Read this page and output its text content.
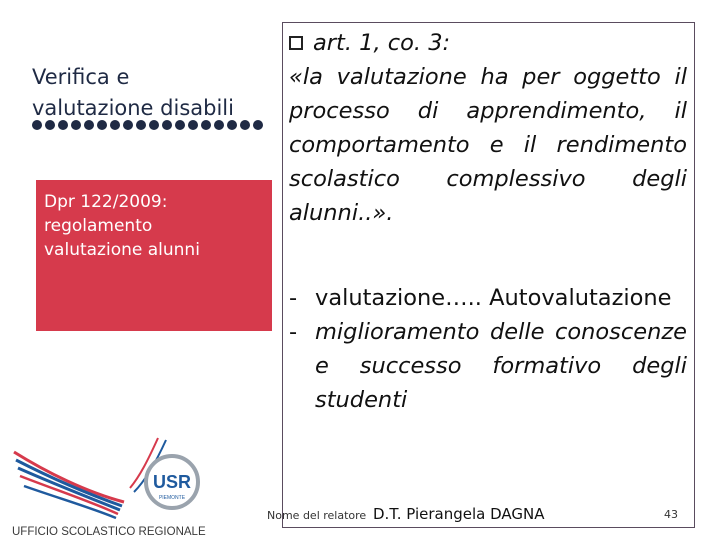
Verifica e
valutazione disabili
Dpr 122/2009:
regolamento
valutazione alunni
art. 1, co. 3:
«la valutazione ha per oggetto il processo di apprendimento, il comportamento e il rendimento scolastico complessivo degli alunni..».
- valutazione….. Autovalutazione
- miglioramento delle conoscenze e successo formativo degli studenti
USR
PIEMONTE
UFFICIO SCOLASTICO REGIONALE
Nome del relatore D.T. Pierangela DAGNA	43
